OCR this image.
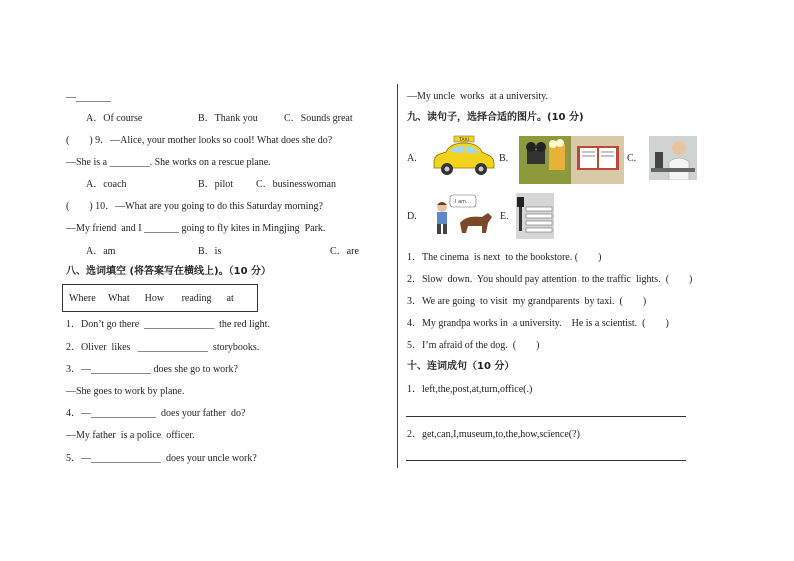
—_______
A．Of course	B．Thank you	C．Sounds great
(        ) 9．—Alice, your mother looks so cool! What does she do?
—She is a ________. She works on a rescue plane.
A．coach	B．pilot C．businesswoman
(        ) 10．—What are you going to do this Saturday morning?
—My friend  and I _______ going to fly kites in Mingjing  Park.
A．am	B．is	C．are
八、选词填空 (将答案写在横线上)。（10 分）
Where     What      How       reading      at
1．Don’t go there  ______________  the red light.
2．Oliver  likes   ______________  storybooks.
3．—____________ does she go to work?
—She goes to work by plane.
4．—_____________  does your father  do?
—My father  is a police  officer.
5．—______________  does your uncle work?
—My uncle  works  at a university.
九、读句子，选择合适的图片。(10 分)
A.
TAXI
B.	C.
D.
I am…
E.
1．The cinema  is next  to the bookstore. (        )
2．Slow  down.  You should pay attention  to the traffic  lights.  (        )
3．We are going  to visit  my grandparents  by taxi.  (        )
4．My grandpa works in  a university.    He is a scientist.  (        )
5．I’m afraid of the dog.  (        )
十、连词成句（10 分）
1．left,the,post,at,turn,office(.)
2．get,can,I,museum,to,the,how,science(?)
